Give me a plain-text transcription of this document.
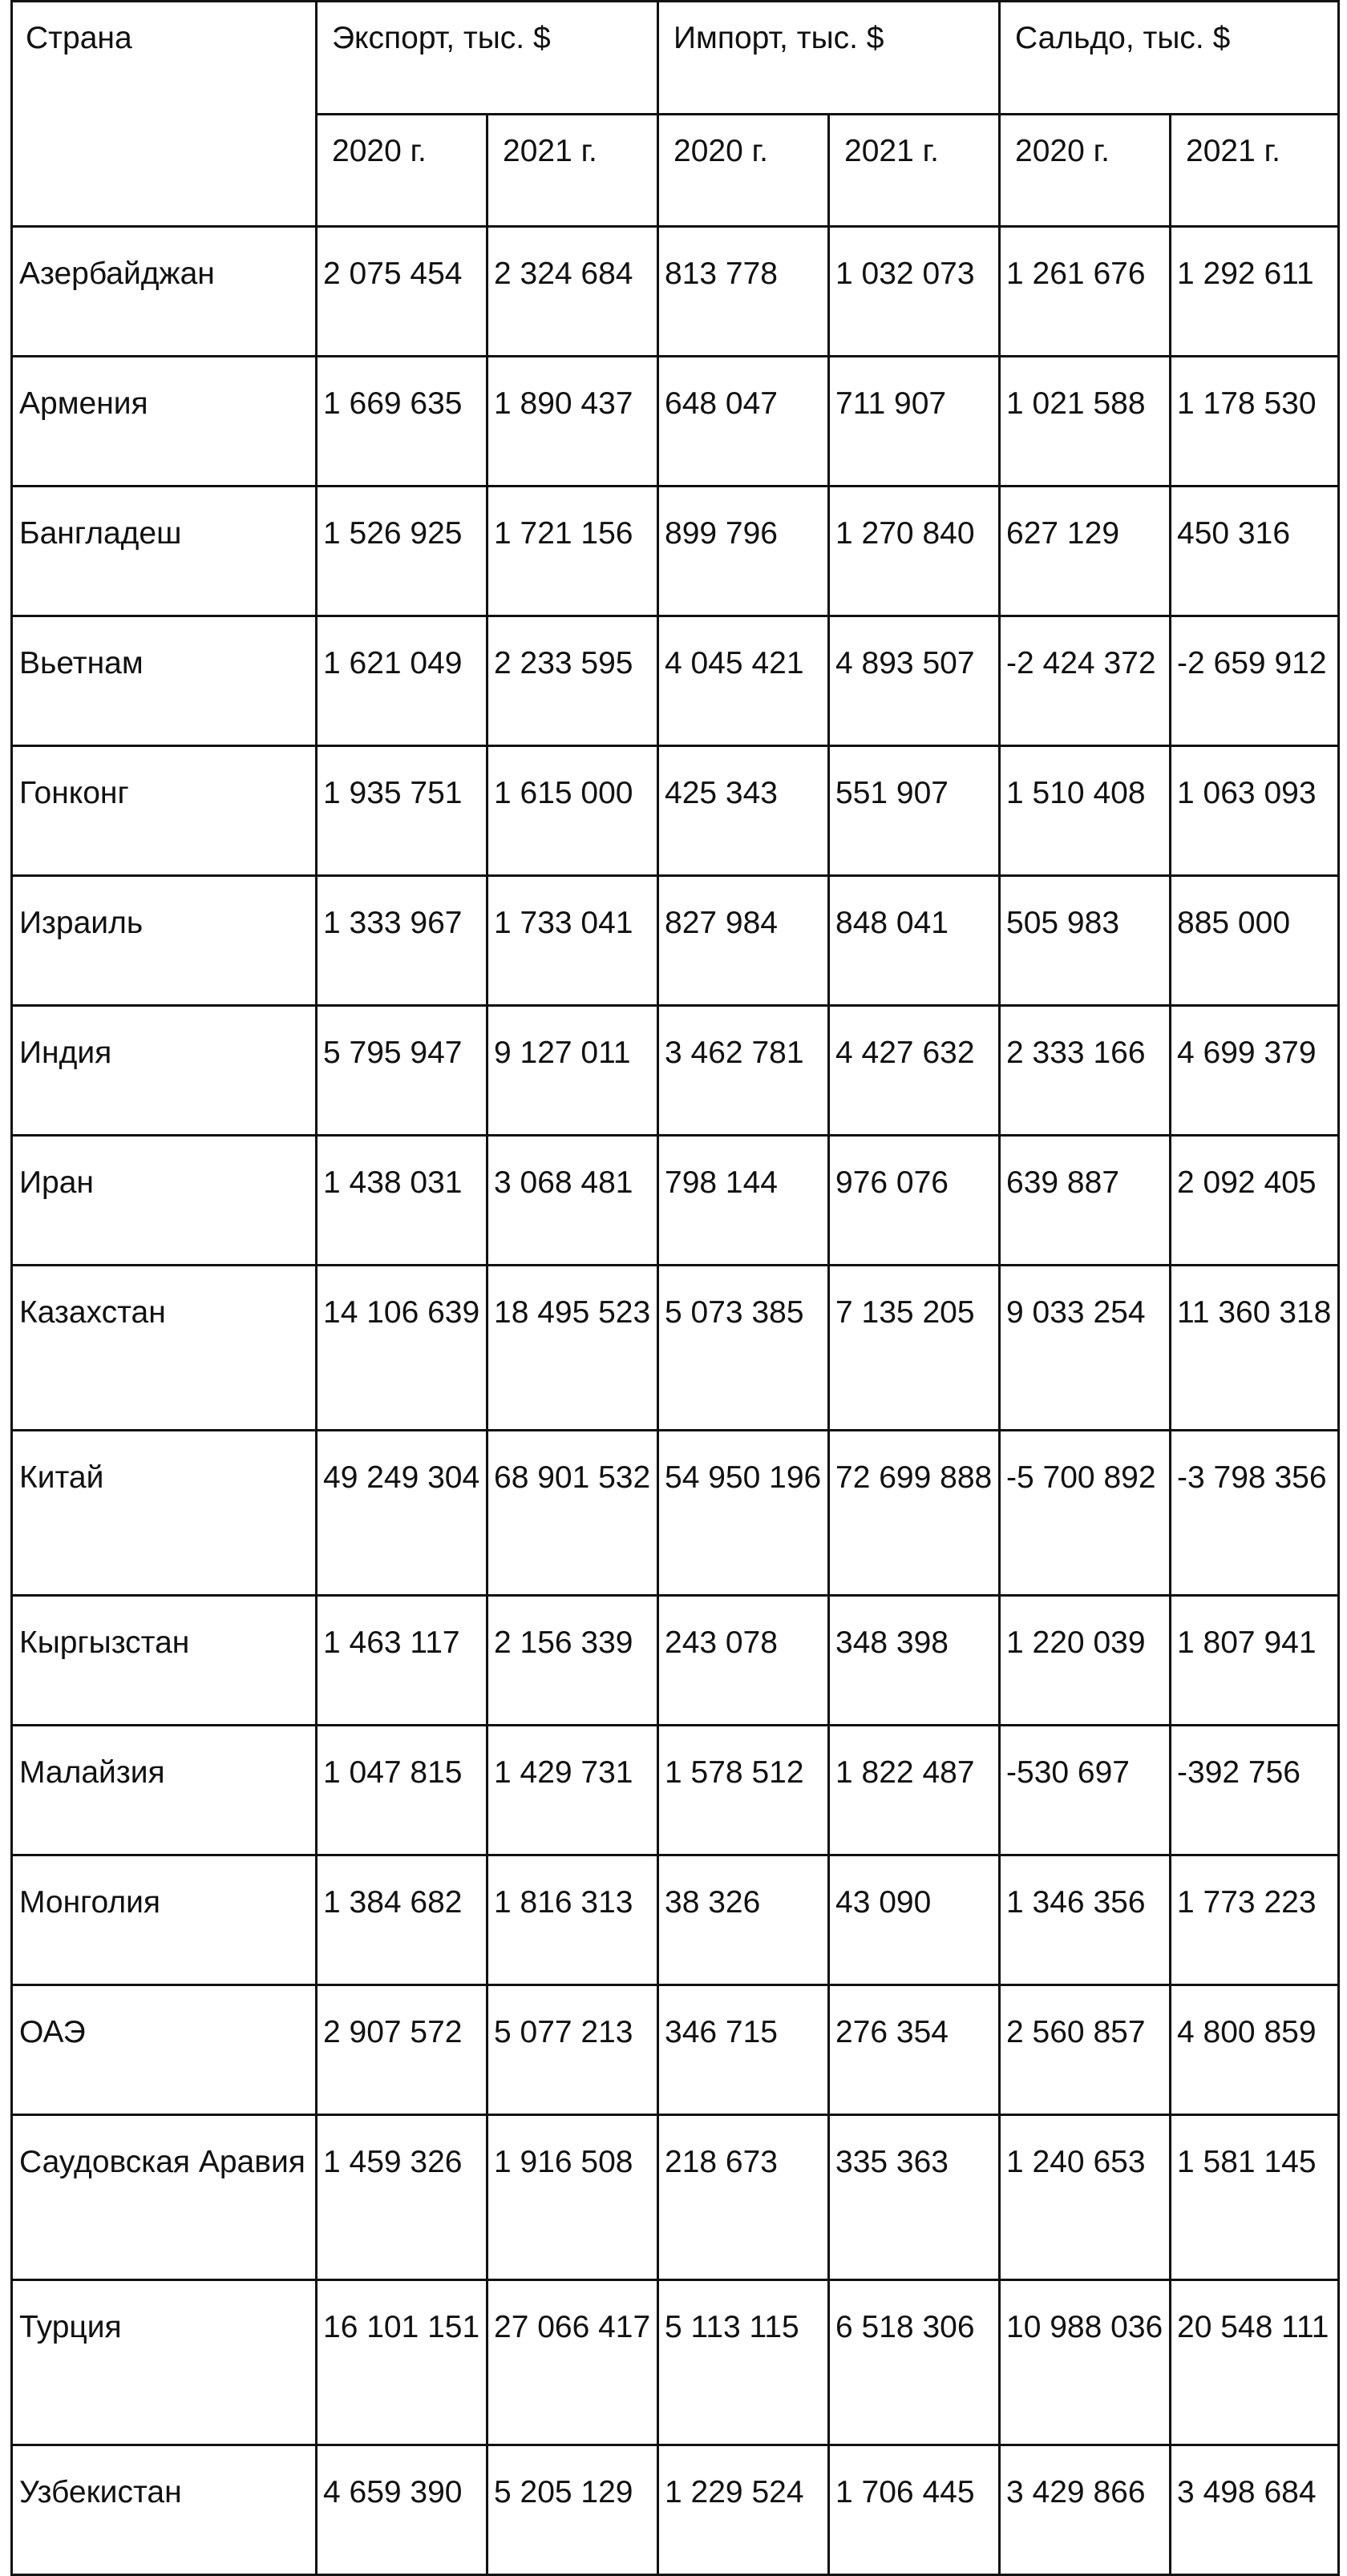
Страна	Экспорт, тыс. $		Импорт, тыс. $		Сальдо, тыс. $	
	2020 г.	2021 г.	2020 г.	2021 г.	2020 г.	2021 г.
Азербайджан	2 075 454	2 324 684	813 778	1 032 073	1 261 676	1 292 611
Армения	1 669 635	1 890 437	648 047	711 907	1 021 588	1 178 530
Бангладеш	1 526 925	1 721 156	899 796	1 270 840	627 129	450 316
Вьетнам	1 621 049	2 233 595	4 045 421	4 893 507	-2 424 372	-2 659 912
Гонконг	1 935 751	1 615 000	425 343	551 907	1 510 408	1 063 093
Израиль	1 333 967	1 733 041	827 984	848 041	505 983	885 000
Индия	5 795 947	9 127 011	3 462 781	4 427 632	2 333 166	4 699 379
Иран	1 438 031	3 068 481	798 144	976 076	639 887	2 092 405
Казахстан	14 106 639	18 495 523	5 073 385	7 135 205	9 033 254	11 360 318
Китай	49 249 304	68 901 532	54 950 196	72 699 888	-5 700 892	-3 798 356
Кыргызстан	1 463 117	2 156 339	243 078	348 398	1 220 039	1 807 941
Малайзия	1 047 815	1 429 731	1 578 512	1 822 487	-530 697	-392 756
Монголия	1 384 682	1 816 313	38 326	43 090	1 346 356	1 773 223
ОАЭ	2 907 572	5 077 213	346 715	276 354	2 560 857	4 800 859
Саудовская Аравия	1 459 326	1 916 508	218 673	335 363	1 240 653	1 581 145
Турция	16 101 151	27 066 417	5 113 115	6 518 306	10 988 036	20 548 111
Узбекистан	4 659 390	5 205 129	1 229 524	1 706 445	3 429 866	3 498 684
